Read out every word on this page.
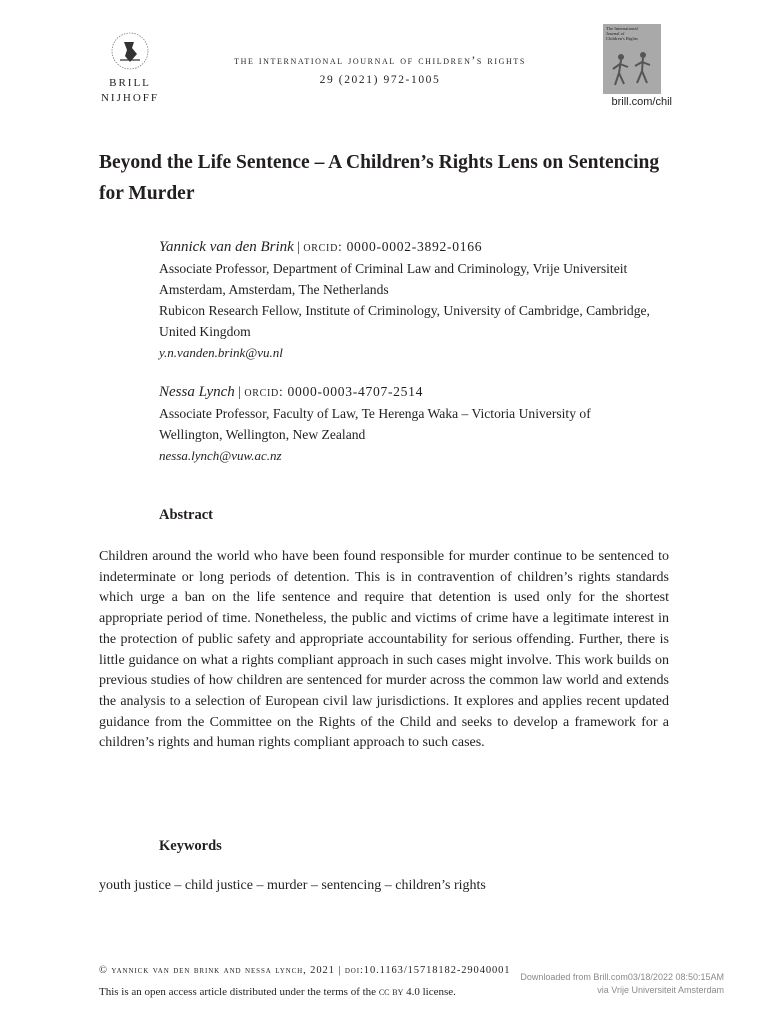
BRILL
NIJHOFF
the international journal of children’s rights
29 (2021) 972-1005
The International
Journal of
Children's Rights
brill.com/chil
Beyond the Life Sentence – A Children’s Rights Lens on Sentencing for Murder
Yannick van den Brink | orcid: 0000-0002-3892-0166
Associate Professor, Department of Criminal Law and Criminology, Vrije Universiteit Amsterdam, Amsterdam, The Netherlands
Rubicon Research Fellow, Institute of Criminology, University of Cambridge, Cambridge, United Kingdom
y.n.vanden.brink@vu.nl
Nessa Lynch | orcid: 0000-0003-4707-2514
Associate Professor, Faculty of Law, Te Herenga Waka – Victoria University of Wellington, Wellington, New Zealand
nessa.lynch@vuw.ac.nz
Abstract
Children around the world who have been found responsible for murder continue to be sentenced to indeterminate or long periods of detention. This is in contravention of children’s rights standards which urge a ban on the life sentence and require that detention is used only for the shortest appropriate period of time. Nonetheless, the public and victims of crime have a legitimate interest in the protection of public safety and appropriate accountability for serious offending. Further, there is little guidance on what a rights compliant approach in such cases might involve. This work builds on previous studies of how children are sentenced for murder across the common law world and extends the analysis to a selection of European civil law jurisdictions. It explores and applies recent updated guidance from the Committee on the Rights of the Child and seeks to develop a framework for a children’s rights and human rights compliant approach to such cases.
Keywords
youth justice – child justice – murder – sentencing – children’s rights
© yannick van den brink and nessa lynch, 2021 | doi:10.1163/15718182-29040001
This is an open access article distributed under the terms of the cc by 4.0 license.
Downloaded from Brill.com03/18/2022 08:50:15AM
via Vrije Universiteit Amsterdam
